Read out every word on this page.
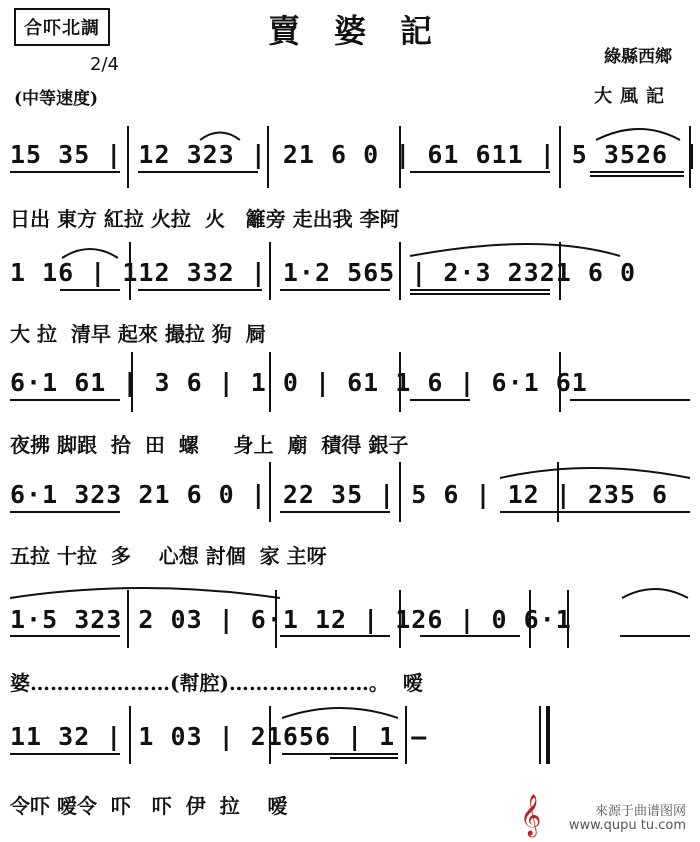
合吓北調	賣婆記
綠縣西鄉
2/4
(中等速度)	大風記
15 35 | 12 323 | 21 6 0 | 61 611 | 5 3526 |
日出 東方 紅拉 火拉  火   籬旁 走出我 李阿
1 16 | 112 332 | 1·2 565 | 2·3 2321 6 0
大 拉  清早 起來 撮拉 狗  屙
6·1 61 | 3 6 | 1 0 | 61 1 6 | 6·1 61
夜拂 脚跟  拾  田  螺     身上  廟  積得 銀子
6·1 323 21 6 0 | 22 35 | 5 6 | 12 | 235 6
五拉 十拉  多    心想 討個  家 主呀
1·5 323 2 03 | 6·1 12 | 126 | 0 6·1
婆…………………(幇腔)…………………。  嗳
11 32 | 1 03 | 21656 | 1 —
令吓 嗳令  吓   吓  伊  拉    嗳	𝄞	來源于曲谱图网
www.qupu tu.com
